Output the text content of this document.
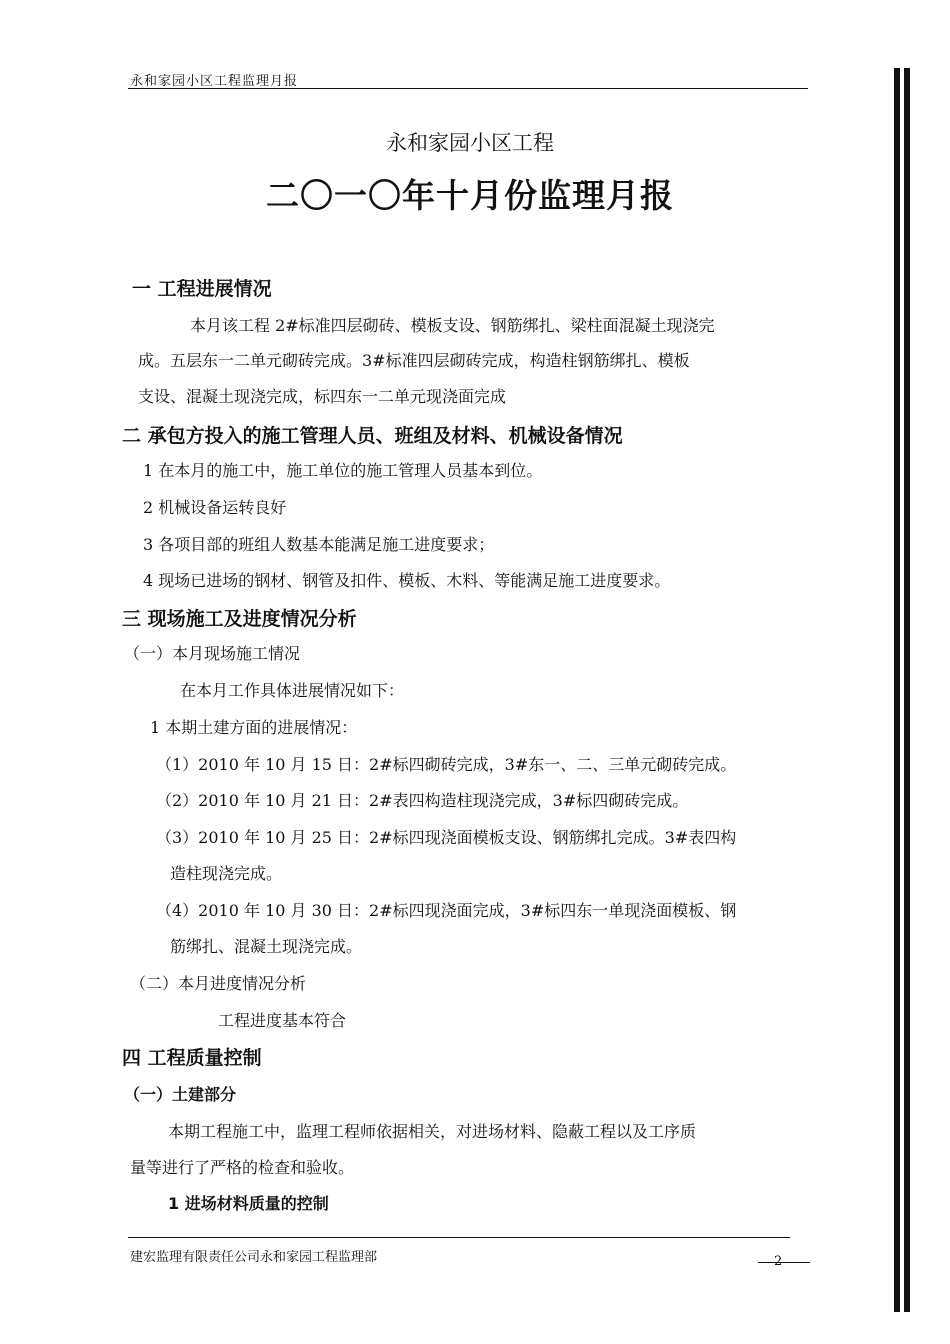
永和家园小区工程监理月报
永和家园小区工程
二〇一〇年十月份监理月报
一 工程进展情况
本月该工程 2#标准四层砌砖、模板支设、钢筋绑扎、梁柱面混凝土现浇完
成。五层东一二单元砌砖完成。3#标准四层砌砖完成，构造柱钢筋绑扎、模板
支设、混凝土现浇完成，标四东一二单元现浇面完成
二 承包方投入的施工管理人员、班组及材料、机械设备情况
1 在本月的施工中，施工单位的施工管理人员基本到位。
2 机械设备运转良好
3 各项目部的班组人数基本能满足施工进度要求；
4 现场已进场的钢材、钢管及扣件、模板、木料、等能满足施工进度要求。
三 现场施工及进度情况分析
（一）本月现场施工情况
在本月工作具体进展情况如下：
1 本期土建方面的进展情况：
（1）2010 年 10 月 15 日：2#标四砌砖完成，3#东一、二、三单元砌砖完成。
（2）2010 年 10 月 21 日：2#表四构造柱现浇完成，3#标四砌砖完成。
（3）2010 年 10 月 25 日：2#标四现浇面模板支设、钢筋绑扎完成。3#表四构
造柱现浇完成。
（4）2010 年 10 月 30 日：2#标四现浇面完成，3#标四东一单现浇面模板、钢
筋绑扎、混凝土现浇完成。
（二）本月进度情况分析
工程进度基本符合
四 工程质量控制
（一）土建部分
本期工程施工中，监理工程师依据相关，对进场材料、隐蔽工程以及工序质
量等进行了严格的检查和验收。
1 进场材料质量的控制
建宏监理有限责任公司永和家园工程监理部	2
